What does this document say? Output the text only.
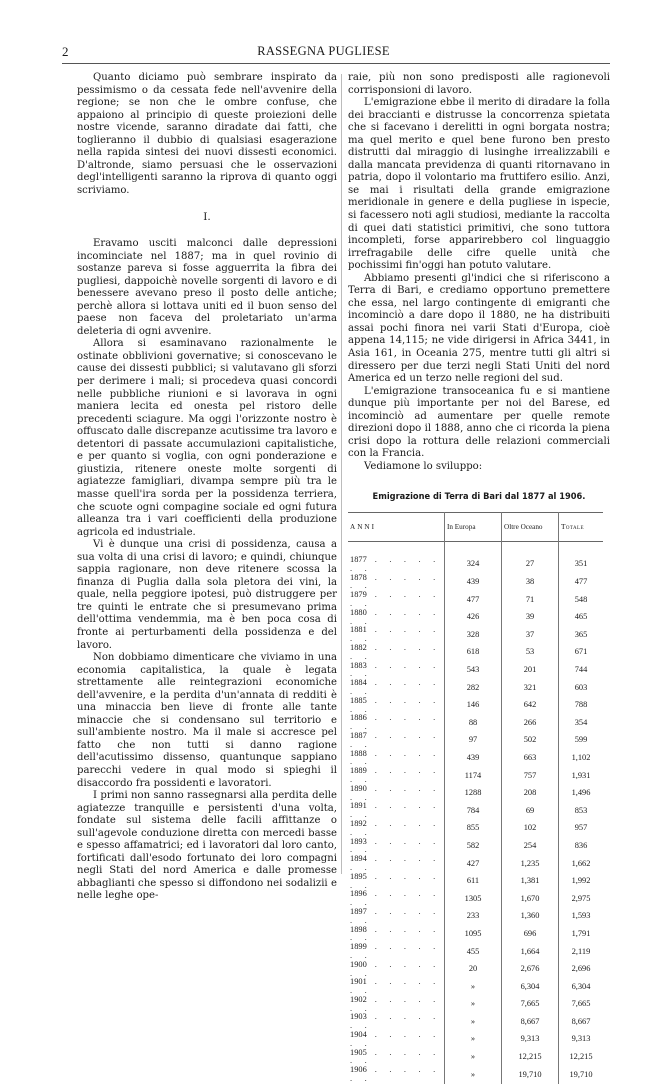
2	RASSEGNA PUGLIESE

Quanto diciamo può sembrare inspirato da pessimismo o da cessata fede nell'avvenire della regione; se non che le ombre confuse, che appaiono al principio di queste proiezioni delle nostre vicende, saranno diradate dai fatti, che toglieranno il dubbio di qualsiasi esagerazione nella rapida sintesi dei nuovi dissesti economici. D'altronde, siamo persuasi che le osservazioni degl'intelligenti saranno la riprova di quanto oggi scriviamo.

I.

Eravamo usciti malconci dalle depressioni incominciate nel 1887; ma in quel rovinio di sostanze pareva si fosse agguerrita la fibra dei pugliesi, dappoichè novelle sorgenti di lavoro e di benessere avevano preso il posto delle antiche; perchè allora si lottava uniti ed il buon senso del paese non faceva del proletariato un'arma deleteria di ogni avvenire.

Allora si esaminavano razionalmente le ostinate obblivioni governative; si conoscevano le cause dei dissesti pubblici; si valutavano gli sforzi per derimere i mali; si procedeva quasi concordi nelle pubbliche riunioni e si lavorava in ogni maniera lecita ed onesta pel ristoro delle precedenti sciagure. Ma oggi l'orizzonte nostro è offuscato dalle discrepanze acutissime tra lavoro e detentori di passate accumulazioni capitalistiche, e per quanto si voglia, con ogni ponderazione e giustizia, ritenere oneste molte sorgenti di agiatezze famigliari, divampa sempre più tra le masse quell'ira sorda per la possidenza terriera, che scuote ogni compagine sociale ed ogni futura alleanza tra i vari coefficienti della produzione agricola ed industriale.

Vi è dunque una crisi di possidenza, causa a sua volta di una crisi di lavoro; e quindi, chiunque sappia ragionare, non deve ritenere scossa la finanza di Puglia dalla sola pletora dei vini, la quale, nella peggiore ipotesi, può distruggere per tre quinti le entrate che si presumevano prima dell'ottima vendemmia, ma è ben poca cosa di fronte ai perturbamenti della possidenza e del lavoro.

Non dobbiamo dimenticare che viviamo in una economia capitalistica, la quale è legata strettamente alle reintegrazioni economiche dell'avvenire, e la perdita d'un'annata di redditi è una minaccia ben lieve di fronte alle tante minaccie che si condensano sul territorio e sull'ambiente nostro. Ma il male si accresce pel fatto che non tutti si danno ragione dell'acutissimo dissenso, quantunque sappiano parecchi vedere in qual modo si spieghi il disaccordo fra possidenti e lavoratori.

I primi non sanno rassegnarsi alla perdita delle agiatezze tranquille e persistenti d'una volta, fondate sul sistema delle facili affittanze o sull'agevole conduzione diretta con mercedi basse e spesso affamatrici; ed i lavoratori dal loro canto, fortificati dall'esodo fortunato dei loro compagni negli Stati del nord America e dalle promesse abbaglianti che spesso si diffondono nei sodalizii e nelle leghe ope-

raie, più non sono predisposti alle ragionevoli corrisponsioni di lavoro.

L'emigrazione ebbe il merito di diradare la folla dei braccianti e distrusse la concorrenza spietata che si facevano i derelitti in ogni borgata nostra; ma quel merito e quel bene furono ben presto distrutti dal miraggio di lusinghe irrealizzabili e dalla mancata previdenza di quanti ritornavano in patria, dopo il volontario ma fruttifero esilio. Anzi, se mai i risultati della grande emigrazione meridionale in genere e della pugliese in ispecie, si facessero noti agli studiosi, mediante la raccolta di quei dati statistici primitivi, che sono tuttora incompleti, forse apparirebbero col linguaggio irrefragabile delle cifre quelle unità che pochissimi fin'oggi han potuto valutare.

Abbiamo presenti gl'indici che si riferiscono a Terra di Bari, e crediamo opportuno premettere che essa, nel largo contingente di emigranti che incominciò a dare dopo il 1880, ne ha distribuiti assai pochi finora nei varii Stati d'Europa, cioè appena 14,115; ne vide dirigersi in Africa 3441, in Asia 161, in Oceania 275, mentre tutti gli altri si diressero per due terzi negli Stati Uniti del nord America ed un terzo nelle regioni del sud.

L'emigrazione transoceanica fu e si mantiene dunque più importante per noi del Barese, ed incominciò ad aumentare per quelle remote direzioni dopo il 1888, anno che ci ricorda la piena crisi dopo la rottura delle relazioni commerciali con la Francia.

Vediamone lo sviluppo:

Emigrazione di Terra di Bari dal 1877 al 1906.
ANNI	In Europa	Oltre Oceano	Totale

1877 . . . . . . .	324	27	351
1878 . . . . . . .	439	38	477
1879 . . . . . . .	477	71	548
1880 . . . . . . .	426	39	465
1881 . . . . . . .	328	37	365
1882 . . . . . . .	618	53	671
1883 . . . . . . .	543	201	744
1884 . . . . . . .	282	321	603
1885 . . . . . . .	146	642	788
1886 . . . . . . .	88	266	354
1887 . . . . . . .	97	502	599
1888 . . . . . . .	439	663	1,102
1889 . . . . . . .	1174	757	1,931
1890 . . . . . . .	1288	208	1,496
1891 . . . . . . .	784	69	853
1892 . . . . . . .	855	102	957
1893 . . . . . . .	582	254	836
1894 . . . . . . .	427	1,235	1,662
1895 . . . . . . .	611	1,381	1,992
1896 . . . . . . .	1305	1,670	2,975
1897 . . . . . . .	233	1,360	1,593
1898 . . . . . . .	1095	696	1,791
1899 . . . . . . .	455	1,664	2,119
1900 . . . . . . .	20	2,676	2,696
1901 . . . . . . .	»	6,304	6,304
1902 . . . . . . .	»	7,665	7,665
1903 . . . . . . .	»	8,667	8,667
1904 . . . . . . .	»	9,313	9,313
1905 . . . . . . .	»	12,215	12,215
1906 . . . . . . .	»	19,710	19,710
